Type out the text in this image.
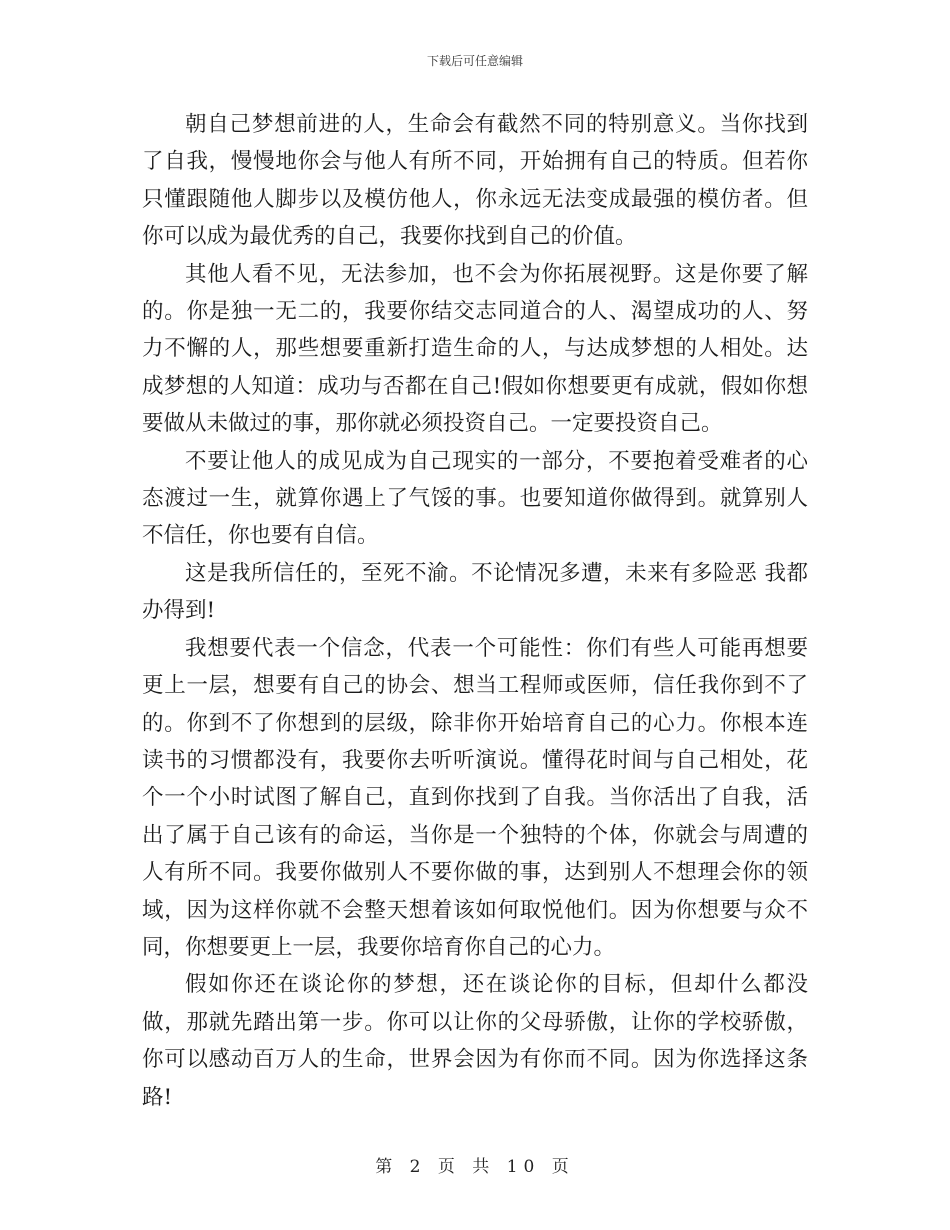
下载后可任意编辑

朝自己梦想前进的人，生命会有截然不同的特别意义。当你找到了自我，慢慢地你会与他人有所不同，开始拥有自己的特质。但若你只懂跟随他人脚步以及模仿他人，你永远无法变成最强的模仿者。但你可以成为最优秀的自己，我要你找到自己的价值。

其他人看不见，无法参加，也不会为你拓展视野。这是你要了解的。你是独一无二的，我要你结交志同道合的人、渴望成功的人、努力不懈的人，那些想要重新打造生命的人，与达成梦想的人相处。达成梦想的人知道：成功与否都在自己!假如你想要更有成就，假如你想要做从未做过的事，那你就必须投资自己。一定要投资自己。

不要让他人的成见成为自己现实的一部分，不要抱着受难者的心态渡过一生，就算你遇上了气馁的事。也要知道你做得到。就算别人不信任，你也要有自信。

这是我所信任的，至死不渝。不论情况多遭，未来有多险恶 我都办得到!

我想要代表一个信念，代表一个可能性：你们有些人可能再想要更上一层，想要有自己的协会、想当工程师或医师，信任我你到不了的。你到不了你想到的层级，除非你开始培育自己的心力。你根本连读书的习惯都没有，我要你去听听演说。懂得花时间与自己相处，花个一个小时试图了解自己，直到你找到了自我。当你活出了自我，活出了属于自己该有的命运，当你是一个独特的个体，你就会与周遭的人有所不同。我要你做别人不要你做的事，达到别人不想理会你的领域，因为这样你就不会整天想着该如何取悦他们。因为你想要与众不同，你想要更上一层，我要你培育你自己的心力。

假如你还在谈论你的梦想，还在谈论你的目标，但却什么都没做，那就先踏出第一步。你可以让你的父母骄傲，让你的学校骄傲，你可以感动百万人的生命，世界会因为有你而不同。因为你选择这条路!

第 2 页 共 10 页
